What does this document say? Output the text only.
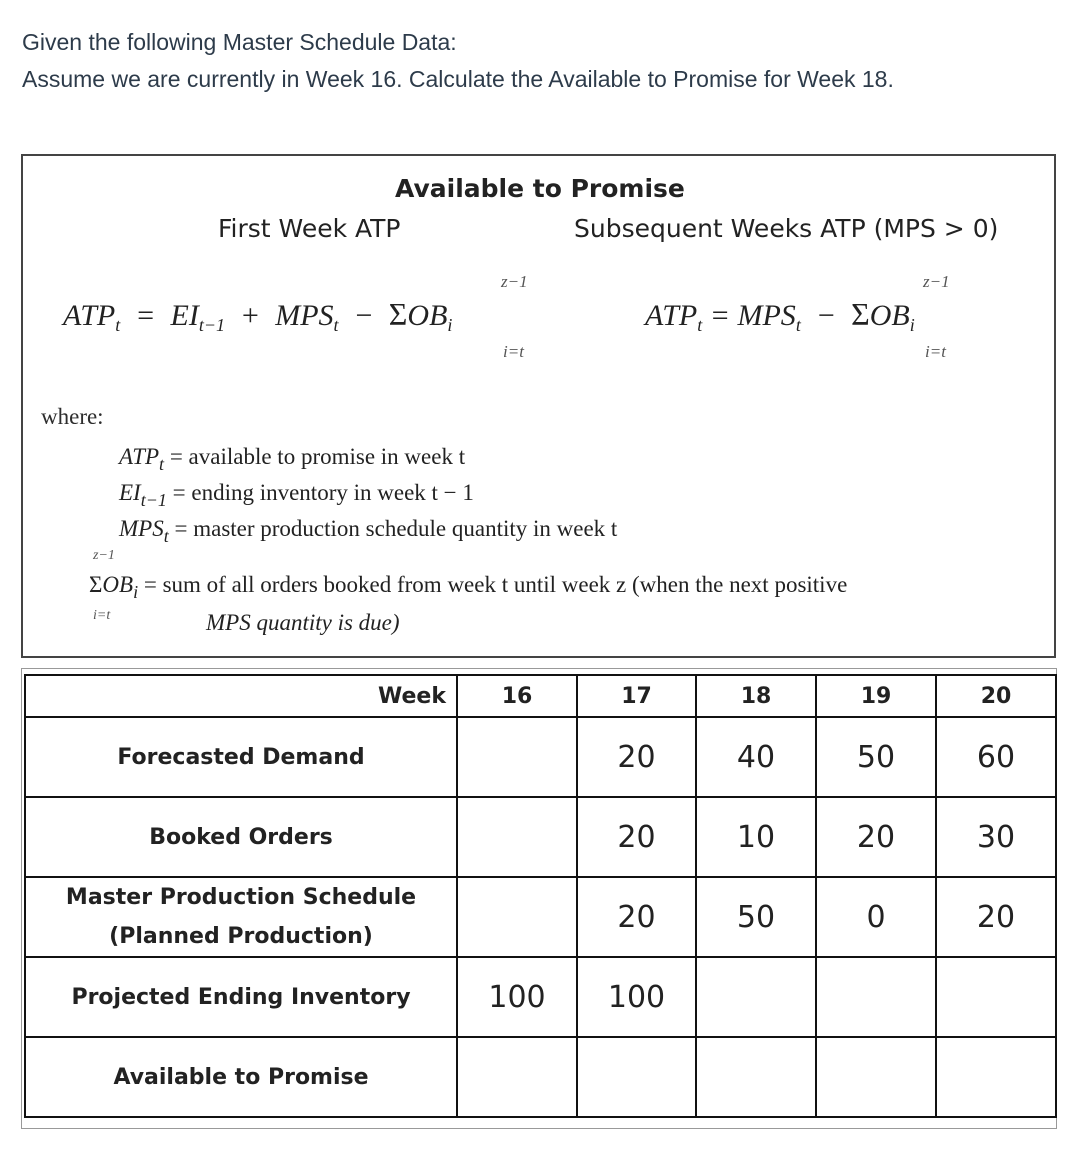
Given the following Master Schedule Data:
Assume we are currently in Week 16. Calculate the Available to Promise for Week 18.
Available to Promise
First Week ATP	Subsequent Weeks ATP (MPS > 0)
$ATP_t = EI_{t-1} + MPS_t - \Sigma OB_i$
z−1
i=t
$ATP_t = MPS_t - \Sigma OB_i$
z−1
i=t
where:
$ATP_t$ = available to promise in week t
$EI_{t-1}$ = ending inventory in week t − 1
$MPS_t$ = master production schedule quantity in week t
z−1
$\Sigma OB_i$ = sum of all orders booked from week t until week z (when the next positive
i=t	MPS quantity is due)
Week	16	17	18	19	20
Forecasted Demand		20	40	50	60
Booked Orders		20	10	20	30

Master Production Schedule
(Planned Production)		20	50	0	20
Projected Ending Inventory	100	100			
Available to Promise					
